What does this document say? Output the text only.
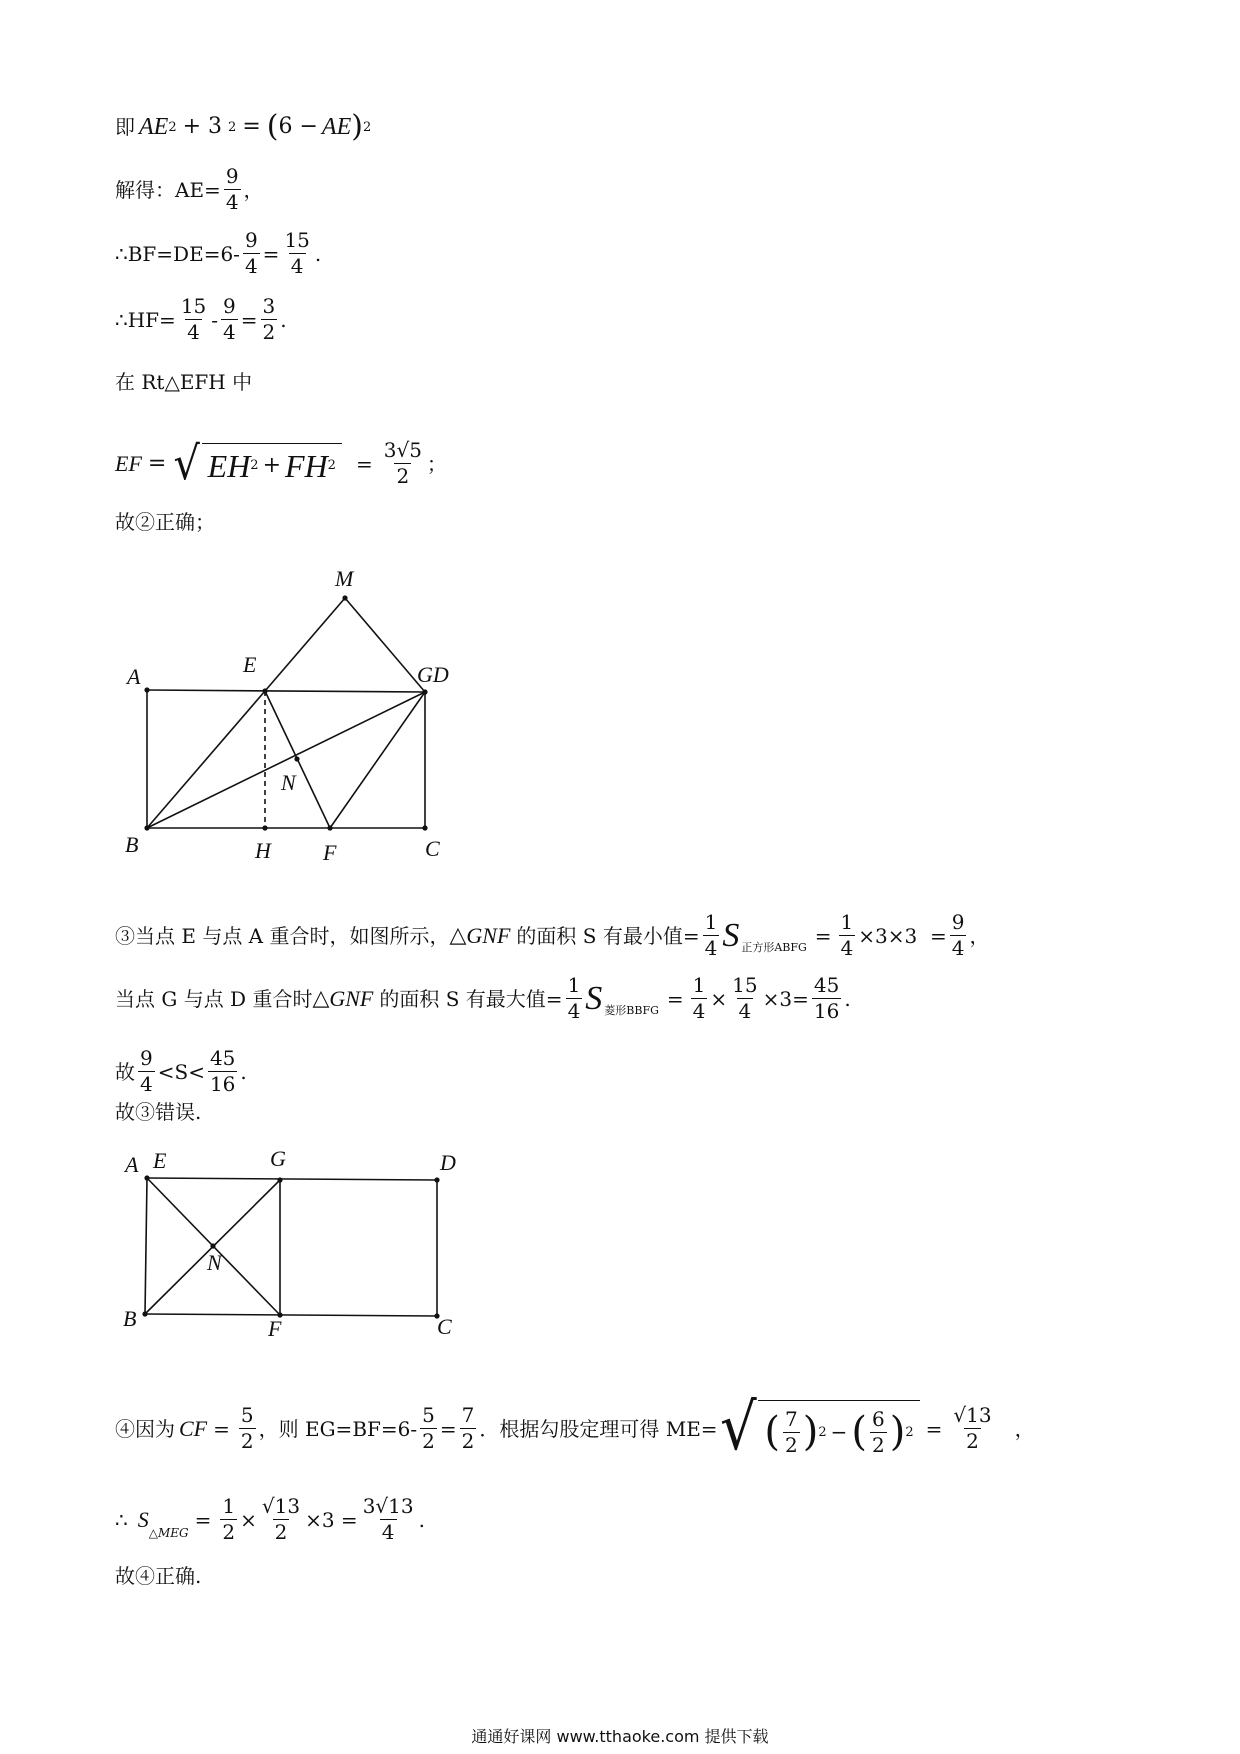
即 AE 2 + 3 2 = ( 6 − AE ) 2
解得：$AE= \frac{9}{4}$ ，
∴BF=DE=6- $\frac{9}{4} = \frac{15}{4}$ .
∴HF= $\frac{15}{4} - \frac{9}{4} = \frac{3}{2}$ .
在 Rt△EFH 中
EF = √ EH 2 + FH $2 = \frac{3√5}{2}$ ；
故②正确；
A	E
M
GD
N
B	H F	C
③当点 E 与点 A 重合时，如图所示， △ GNF 的面积 S 有最小值= $\frac{1}{4}$ S 正方形ABFG = $\frac{1}{4} \times 3\times 3 = \frac{9}{4}$ ，
当点 G 与点 D 重合时 △ GNF 的面积 S 有最大值= $\frac{1}{4}$ S 菱形BBFG = $\frac{1}{4} \times \frac{15}{4} \times 3= \frac{45}{16}$ .
故 $\frac{9}{4} <S< \frac{45}{16}$ .
故③错误.
A E	G	D
N
B	F	C
④因为 CF = $\frac{5}{2}$ ，则 $EG=BF=6- \frac{5}{2} = \frac{7}{2}$ ．根据勾股定理可得 ME= √ ( $\frac{7}{2}$ ) 2 − ( $\frac{6}{2}$ ) $2 = \frac{√13}{2}$ ，
∴ S
△MEG
= $\frac{1}{2} \times \frac{√13}{2} \times 3 = \frac{3√13}{4}$ .
故④正确.
通通好课网 www.tthaoke.com 提供下载
